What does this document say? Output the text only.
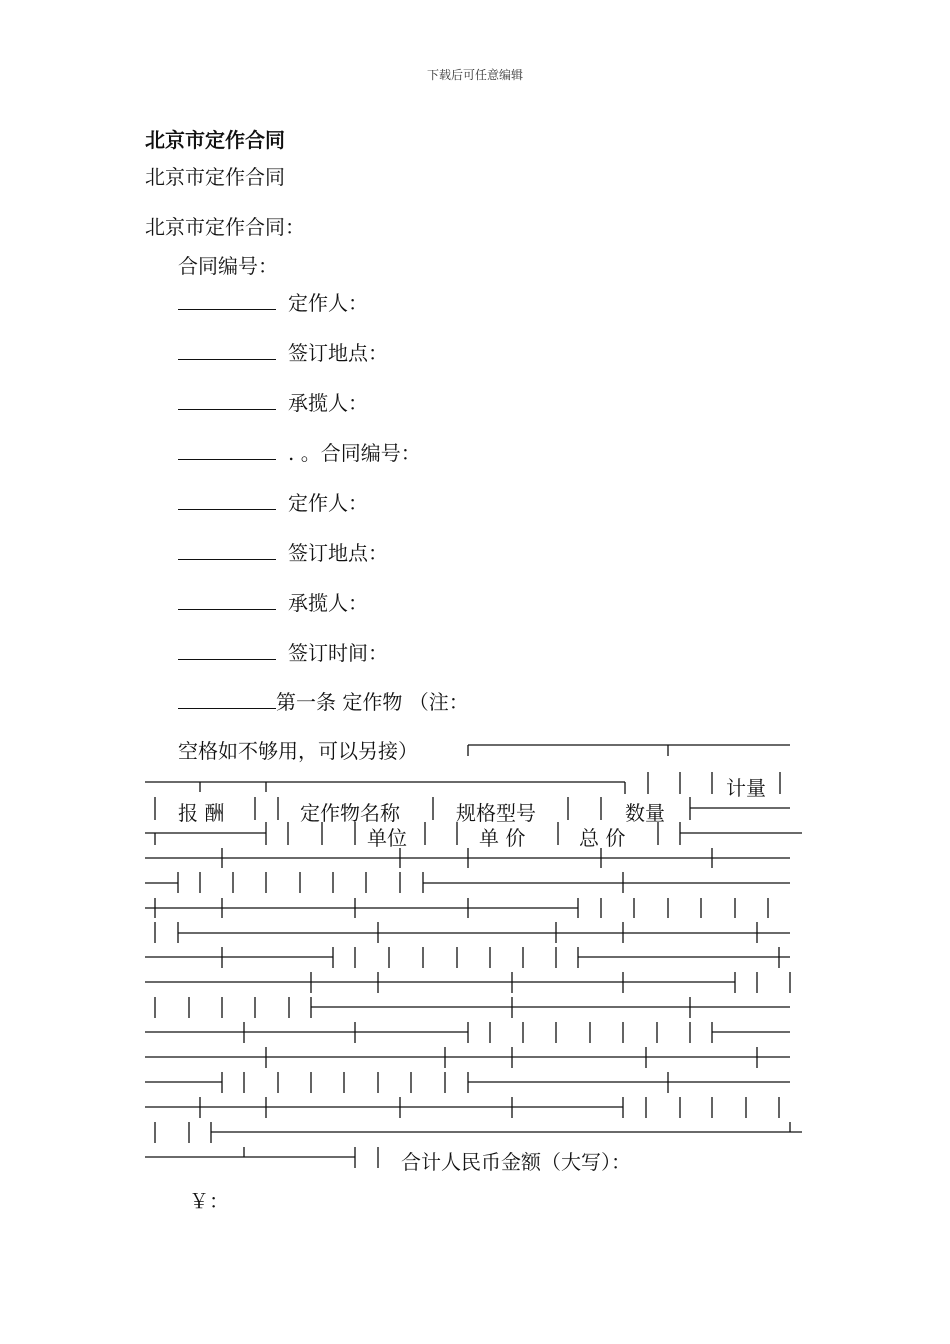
下载后可任意编辑
北京市定作合同
北京市定作合同
北京市定作合同：
合同编号：
定作人：
签订地点：
承揽人：
. 。合同编号：
定作人：
签订地点：
承揽人：
签订时间：
第一条 定作物 （注：
空格如不够用，可以另接）
计量
报 酬	定作物名称	规格型号	数量
单位	单 价	总 价
合计人民币金额（大写）：
￥：
